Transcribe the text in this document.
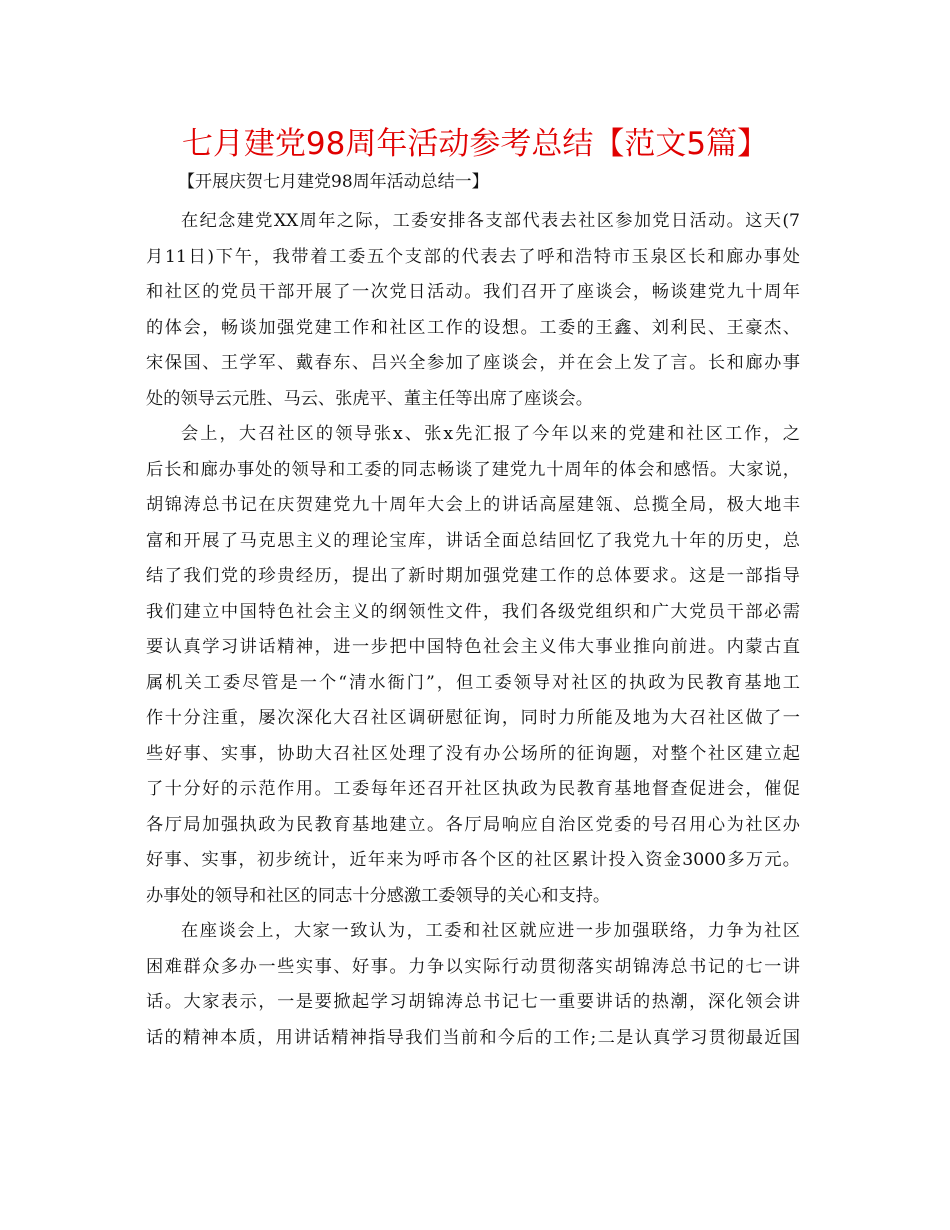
七月建党98周年活动参考总结【范文5篇】

【开展庆贺七月建党98周年活动总结一】

在纪念建党XX周年之际，工委安排各支部代表去社区参加党日活动。这天(7
月11日)下午，我带着工委五个支部的代表去了呼和浩特市玉泉区长和廊办事处
和社区的党员干部开展了一次党日活动。我们召开了座谈会，畅谈建党九十周年
的体会，畅谈加强党建工作和社区工作的设想。工委的王鑫、刘利民、王豪杰、
宋保国、王学军、戴春东、吕兴全参加了座谈会，并在会上发了言。长和廊办事
处的领导云元胜、马云、张虎平、董主任等出席了座谈会。

会上，大召社区的领导张x、张x先汇报了今年以来的党建和社区工作，之
后长和廊办事处的领导和工委的同志畅谈了建党九十周年的体会和感悟。大家说，
胡锦涛总书记在庆贺建党九十周年大会上的讲话高屋建瓴、总揽全局，极大地丰
富和开展了马克思主义的理论宝库，讲话全面总结回忆了我党九十年的历史，总
结了我们党的珍贵经历，提出了新时期加强党建工作的总体要求。这是一部指导
我们建立中国特色社会主义的纲领性文件，我们各级党组织和广大党员干部必需
要认真学习讲话精神，进一步把中国特色社会主义伟大事业推向前进。内蒙古直
属机关工委尽管是一个“清水衙门”，但工委领导对社区的执政为民教育基地工
作十分注重，屡次深化大召社区调研慰征询，同时力所能及地为大召社区做了一
些好事、实事，协助大召社区处理了没有办公场所的征询题，对整个社区建立起
了十分好的示范作用。工委每年还召开社区执政为民教育基地督查促进会，催促
各厅局加强执政为民教育基地建立。各厅局响应自治区党委的号召用心为社区办
好事、实事，初步统计，近年来为呼市各个区的社区累计投入资金3000多万元。
办事处的领导和社区的同志十分感激工委领导的关心和支持。

在座谈会上，大家一致认为，工委和社区就应进一步加强联络，力争为社区
困难群众多办一些实事、好事。力争以实际行动贯彻落实胡锦涛总书记的七一讲
话。大家表示，一是要掀起学习胡锦涛总书记七一重要讲话的热潮，深化领会讲
话的精神本质，用讲话精神指导我们当前和今后的工作;二是认真学习贯彻最近国
